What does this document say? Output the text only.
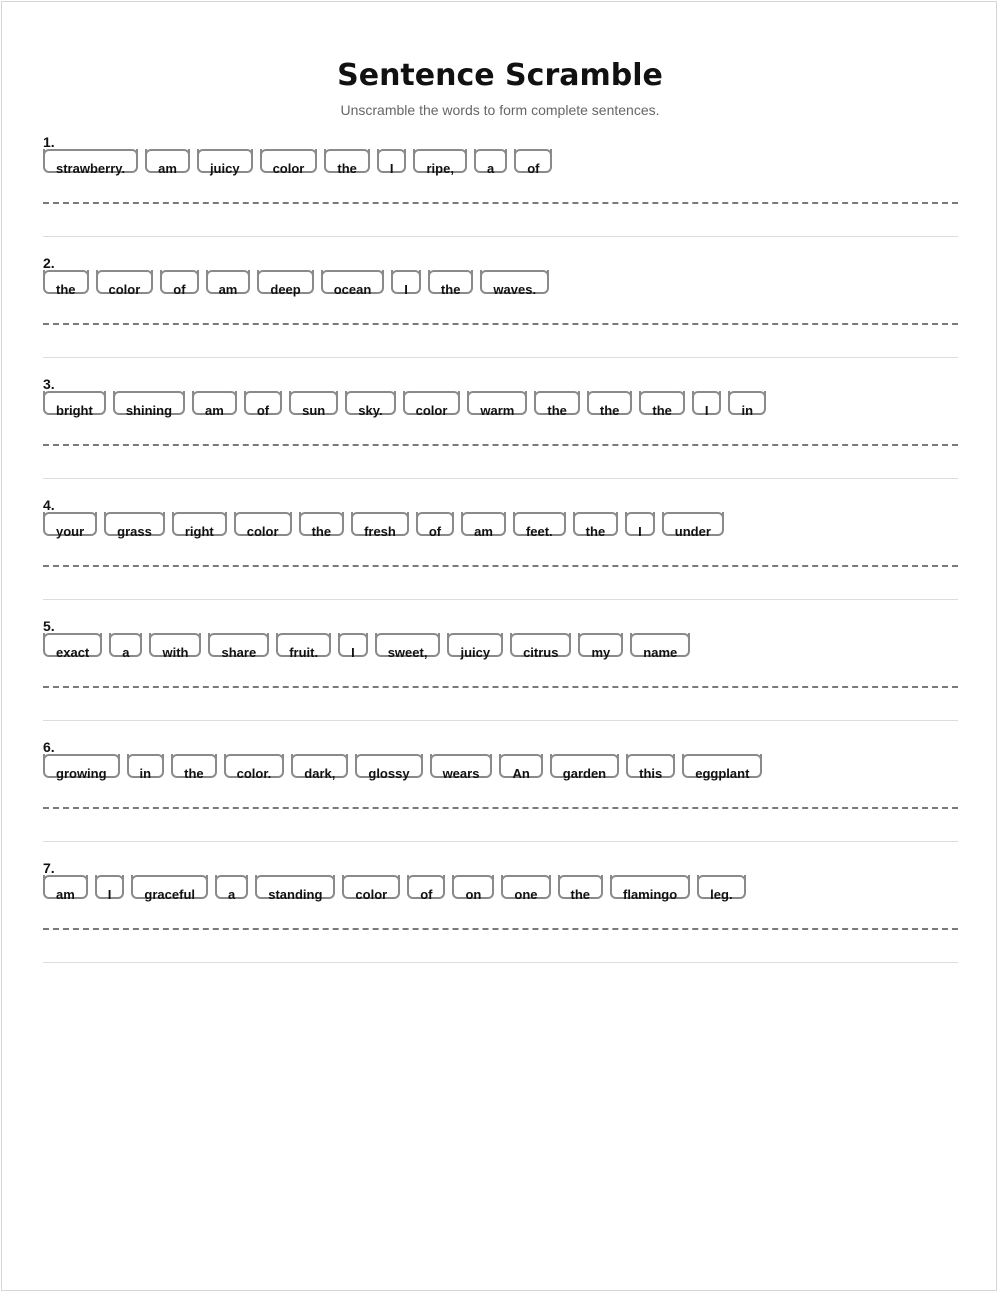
Sentence Scramble

Unscramble the words to form complete sentences.

1.
strawberry.	am	juicy	color	the	I	ripe,	a	of
2.
the	color	of	am	deep	ocean	I	the	waves.
3.
bright	shining	am	of	sun	sky.	color	warm	the	the	the	I	in
4.
your	grass	right	color	the	fresh	of	am	feet.	the	I	under
5.
exact	a	with	share	fruit.	I	sweet,	juicy	citrus	my	name
6.
growing	in	the	color.	dark,	glossy	wears	An	garden	this	eggplant
7.
am	I	graceful	a	standing	color	of	on	one	the	flamingo	leg.
